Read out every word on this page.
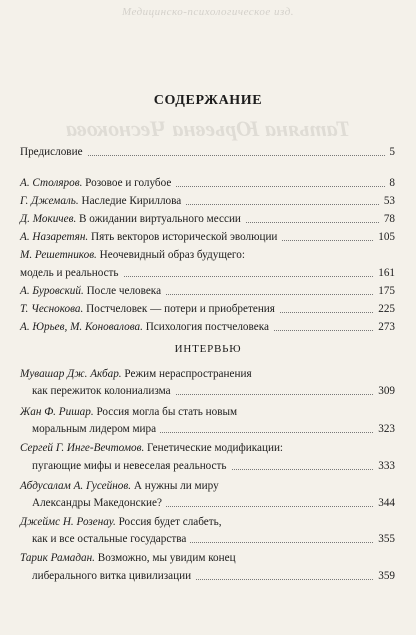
Медицинско-психологическое изд.
Татьяна Юрьевна Чеснокова
СОДЕРЖАНИЕ
Предисловие	5
А. Столяров. Розовое и голубое	8
Г. Джемаль. Наследие Кириллова	53
Д. Мокичев. В ожидании виртуального мессии	78
А. Назаретян. Пять векторов исторической эволюции	105
М. Решетников. Неочевидный образ будущего:
модель и реальность	161
А. Буровский. После человека	175
Т. Чеснокова. Постчеловек — потери и приобретения	225
А. Юрьев, М. Коновалова. Психология постчеловека	273
ИНТЕРВЬЮ
Мувашар Дж. Акбар. Режим нераспространения
как пережиток колониализма	309
Жан Ф. Ришар. Россия могла бы стать новым
моральным лидером мира	323
Сергей Г. Инге-Вечтомов. Генетические модификации:
пугающие мифы и невеселая реальность	333
Абдусалам А. Гусейнов. А нужны ли миру
Александры Македонские?	344
Джеймс Н. Розенау. Россия будет слабеть,
как и все остальные государства	355
Тарик Рамадан. Возможно, мы увидим конец
либерального витка цивилизации	359
